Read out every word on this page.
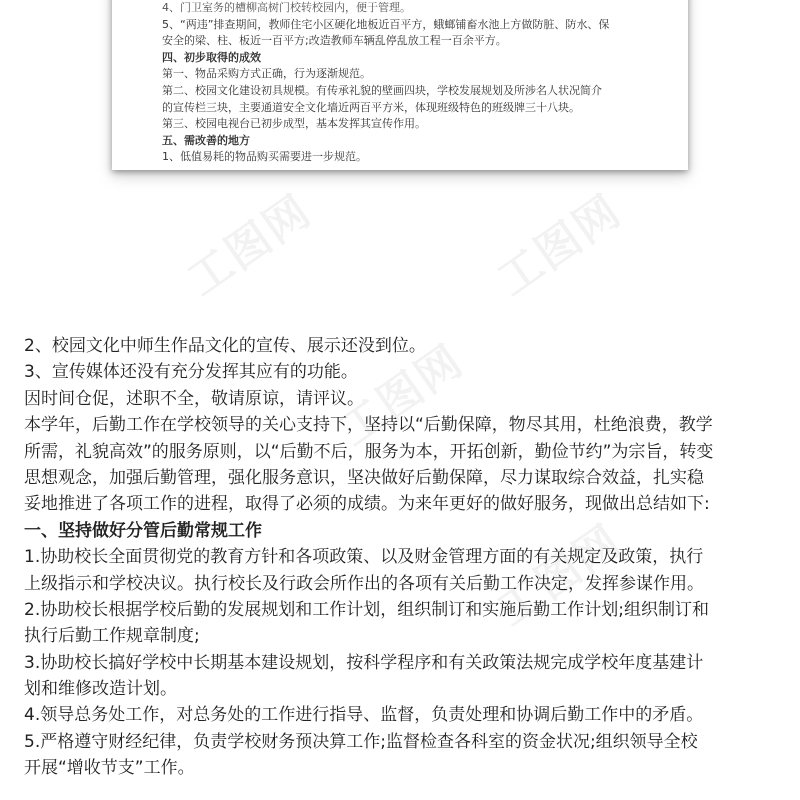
4、门卫室务的槽柳高树门校转校园内，便于管理。
5、“两违”排查期间，教师住宅小区硬化地板近百平方，蛾螂铺畜水池上方做防脏、防水、保
安全的梁、柱、板近一百平方;改造教师车辆乱停乱放工程一百余平方。
四、初步取得的成效
第一、物品采购方式正确，行为逐渐规范。
第二、校园文化建设初具规模。有传承礼貌的壁画四块，学校发展规划及所涉名人状况简介
的宣传栏三块，主要通道安全文化墙近两百平方米，体现班级特色的班级牌三十八块。
第三、校园电视台已初步成型，基本发挥其宣传作用。
五、需改善的地方
1、低值易耗的物品购买需要进一步规范。
工图网	工图网
工图网
工图网
2、校园文化中师生作品文化的宣传、展示还没到位。
3、宣传媒体还没有充分发挥其应有的功能。
因时间仓促，述职不全，敬请原谅，请评议。
本学年，后勤工作在学校领导的关心支持下，坚持以“后勤保障，物尽其用，杜绝浪费，教学
所需，礼貌高效”的服务原则，以“后勤不后，服务为本，开拓创新，勤俭节约”为宗旨，转变
思想观念，加强后勤管理，强化服务意识，坚决做好后勤保障，尽力谋取综合效益，扎实稳
妥地推进了各项工作的进程，取得了必须的成绩。为来年更好的做好服务，现做出总结如下:
一、坚持做好分管后勤常规工作
1.协助校长全面贯彻党的教育方针和各项政策、以及财金管理方面的有关规定及政策，执行
上级指示和学校决议。执行校长及行政会所作出的各项有关后勤工作决定，发挥参谋作用。
2.协助校长根据学校后勤的发展规划和工作计划，组织制订和实施后勤工作计划;组织制订和
执行后勤工作规章制度;
3.协助校长搞好学校中长期基本建设规划，按科学程序和有关政策法规完成学校年度基建计
划和维修改造计划。
4.领导总务处工作，对总务处的工作进行指导、监督，负责处理和协调后勤工作中的矛盾。
5.严格遵守财经纪律，负责学校财务预决算工作;监督检查各科室的资金状况;组织领导全校
开展“增收节支”工作。
